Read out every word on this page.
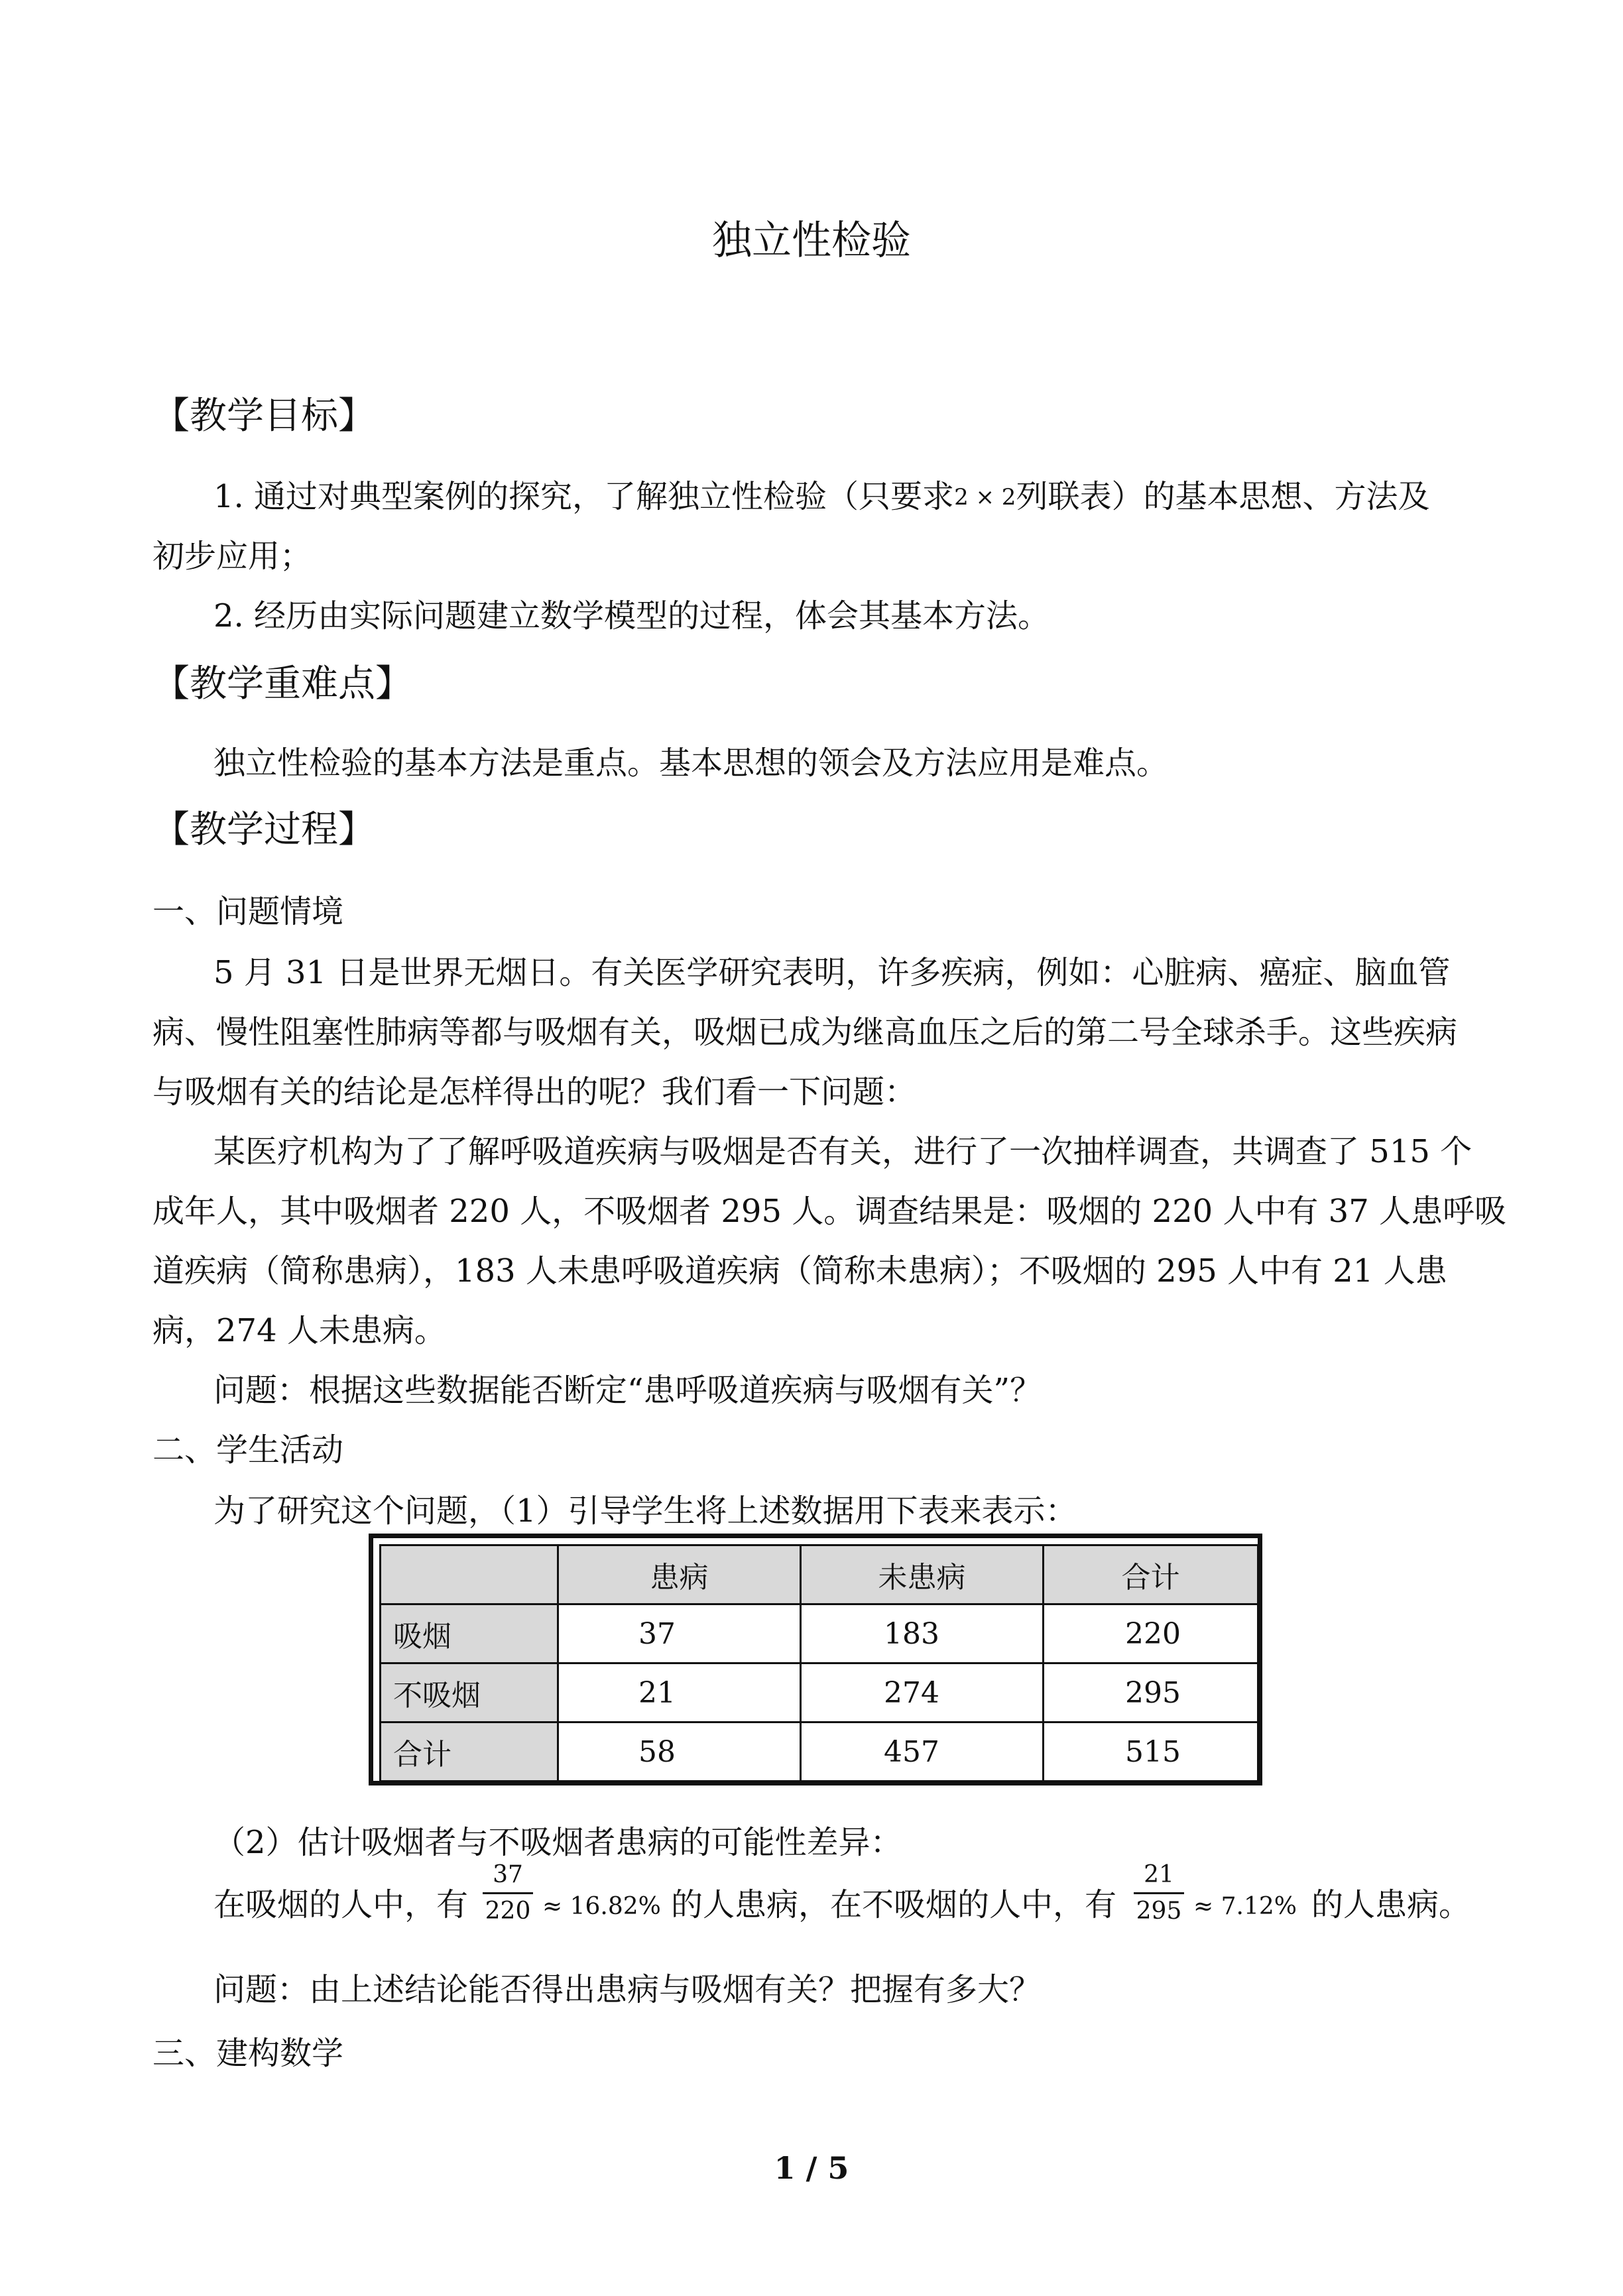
独立性检验
【教学目标】
1. 通过对典型案例的探究，了解独立性检验（只要求2 × 2列联表）的基本思想、方法及
初步应用；
2. 经历由实际问题建立数学模型的过程，体会其基本方法。
【教学重难点】
独立性检验的基本方法是重点。基本思想的领会及方法应用是难点。
【教学过程】
一、问题情境
5 月 31 日是世界无烟日。有关医学研究表明，许多疾病，例如：心脏病、癌症、脑血管
病、慢性阻塞性肺病等都与吸烟有关，吸烟已成为继高血压之后的第二号全球杀手。这些疾病
与吸烟有关的结论是怎样得出的呢？我们看一下问题：
某医疗机构为了了解呼吸道疾病与吸烟是否有关，进行了一次抽样调查，共调查了 515 个
成年人，其中吸烟者 220 人，不吸烟者 295 人。调查结果是：吸烟的 220 人中有 37 人患呼吸
道疾病（简称患病），183 人未患呼吸道疾病（简称未患病）；不吸烟的 295 人中有 21 人患
病，274 人未患病。
问题：根据这些数据能否断定“患呼吸道疾病与吸烟有关”？
二、学生活动
为了研究这个问题，（1）引导学生将上述数据用下表来表示：
	患病	未患病	合计
吸烟	37	183	220
不吸烟	21	274	295
合计	58	457	515
（2）估计吸烟者与不吸烟者患病的可能性差异：
在吸烟的人中，有
37
220 ≈ 16.82% 的人患病，在不吸烟的人中，有
21
295 ≈ 7.12% 的人患病。
问题：由上述结论能否得出患病与吸烟有关？把握有多大？
三、建构数学
1 / 5
